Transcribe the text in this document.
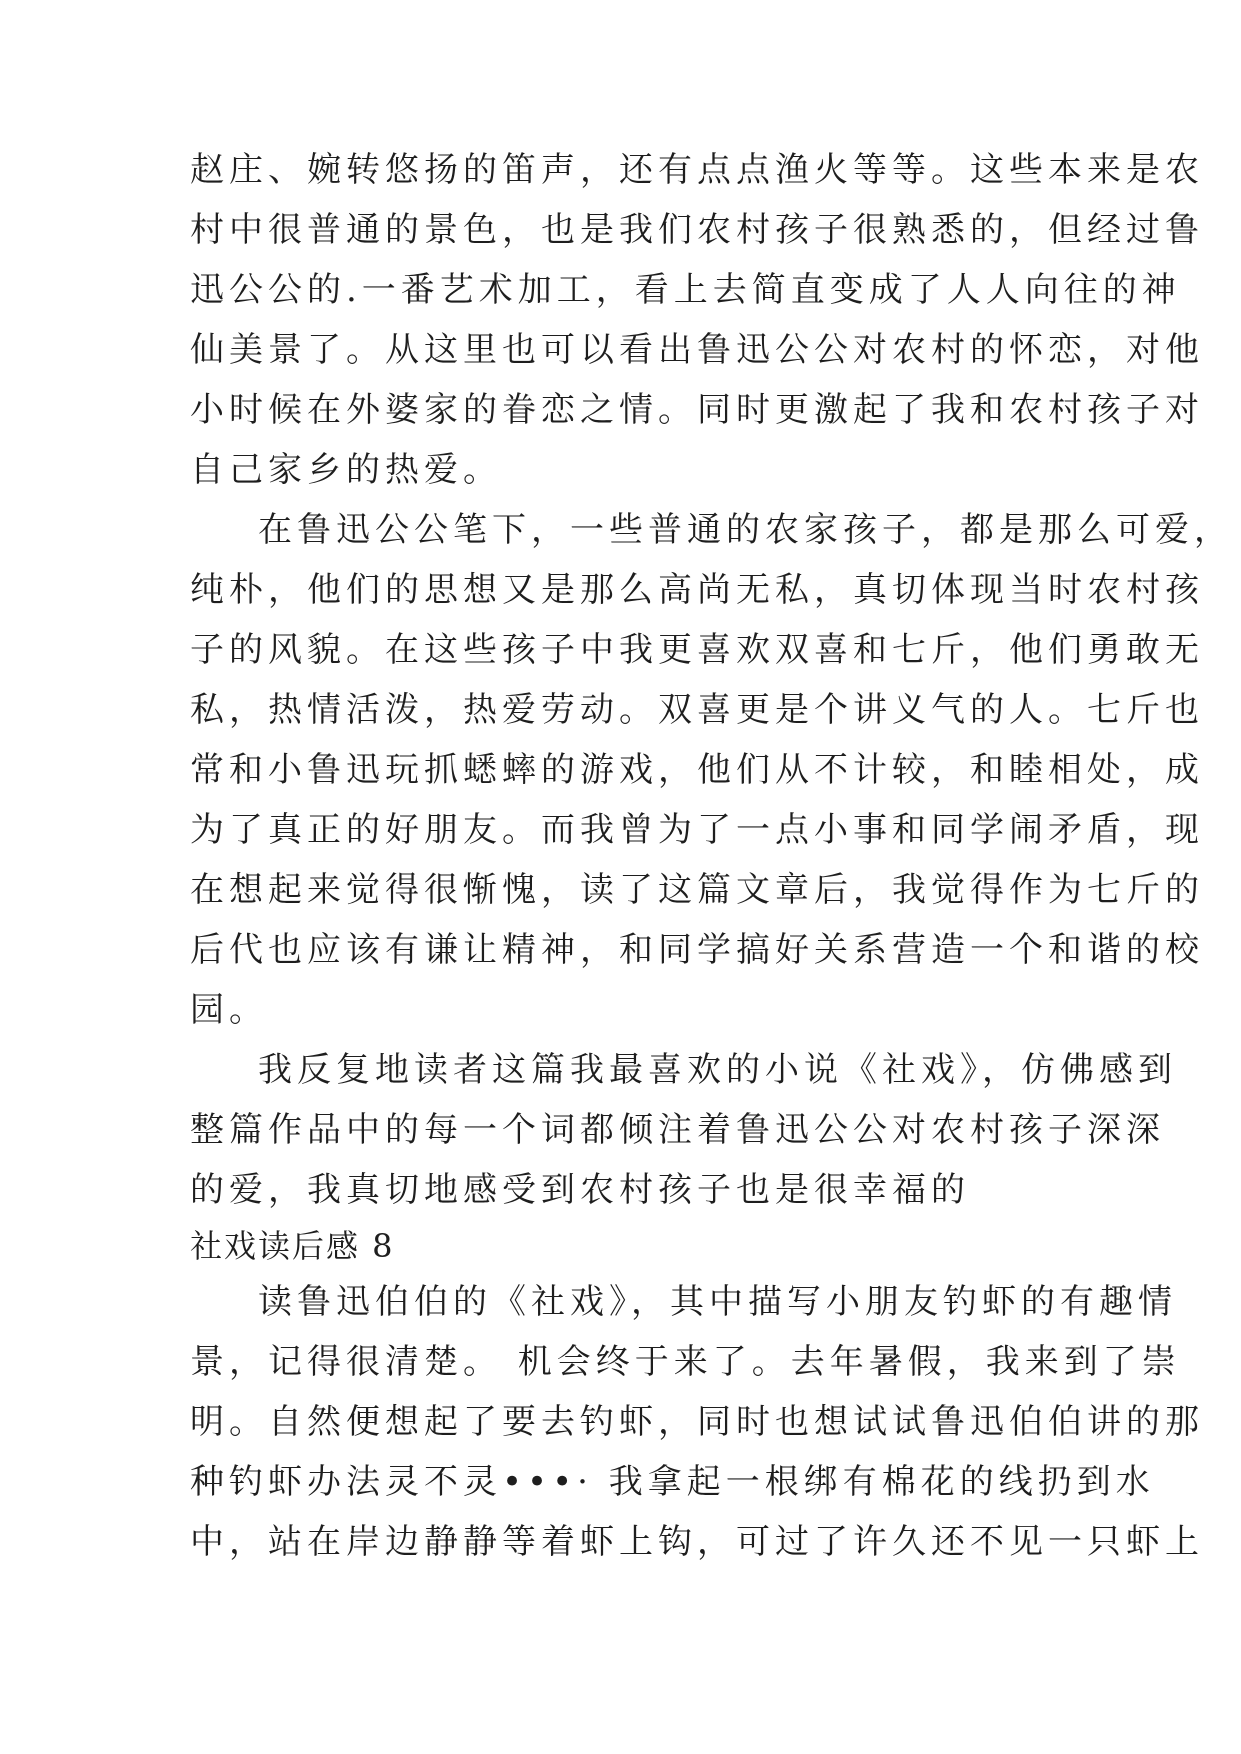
赵庄、婉转悠扬的笛声，还有点点渔火等等。这些本来是农
村中很普通的景色，也是我们农村孩子很熟悉的，但经过鲁
迅公公的.一番艺术加工，看上去简直变成了人人向往的神
仙美景了。从这里也可以看出鲁迅公公对农村的怀恋，对他
小时候在外婆家的眷恋之情。同时更激起了我和农村孩子对
自己家乡的热爱。
在鲁迅公公笔下，一些普通的农家孩子，都是那么可爱，
纯朴，他们的思想又是那么高尚无私，真切体现当时农村孩
子的风貌。在这些孩子中我更喜欢双喜和七斤，他们勇敢无
私，热情活泼，热爱劳动。双喜更是个讲义气的人。七斤也
常和小鲁迅玩抓蟋蟀的游戏，他们从不计较，和睦相处，成
为了真正的好朋友。而我曾为了一点小事和同学闹矛盾，现
在想起来觉得很惭愧，读了这篇文章后，我觉得作为七斤的
后代也应该有谦让精神，和同学搞好关系营造一个和谐的校
园。
我反复地读者这篇我最喜欢的小说《社戏》，仿佛感到
整篇作品中的每一个词都倾注着鲁迅公公对农村孩子深深
的爱，我真切地感受到农村孩子也是很幸福的
社戏读后感 8
读鲁迅伯伯的《社戏》，其中描写小朋友钓虾的有趣情
景，记得很清楚。 机会终于来了。去年暑假，我来到了崇
明。自然便想起了要去钓虾，同时也想试试鲁迅伯伯讲的那
种钓虾办法灵不灵•••· 我拿起一根绑有棉花的线扔到水
中，站在岸边静静等着虾上钩，可过了许久还不见一只虾上
